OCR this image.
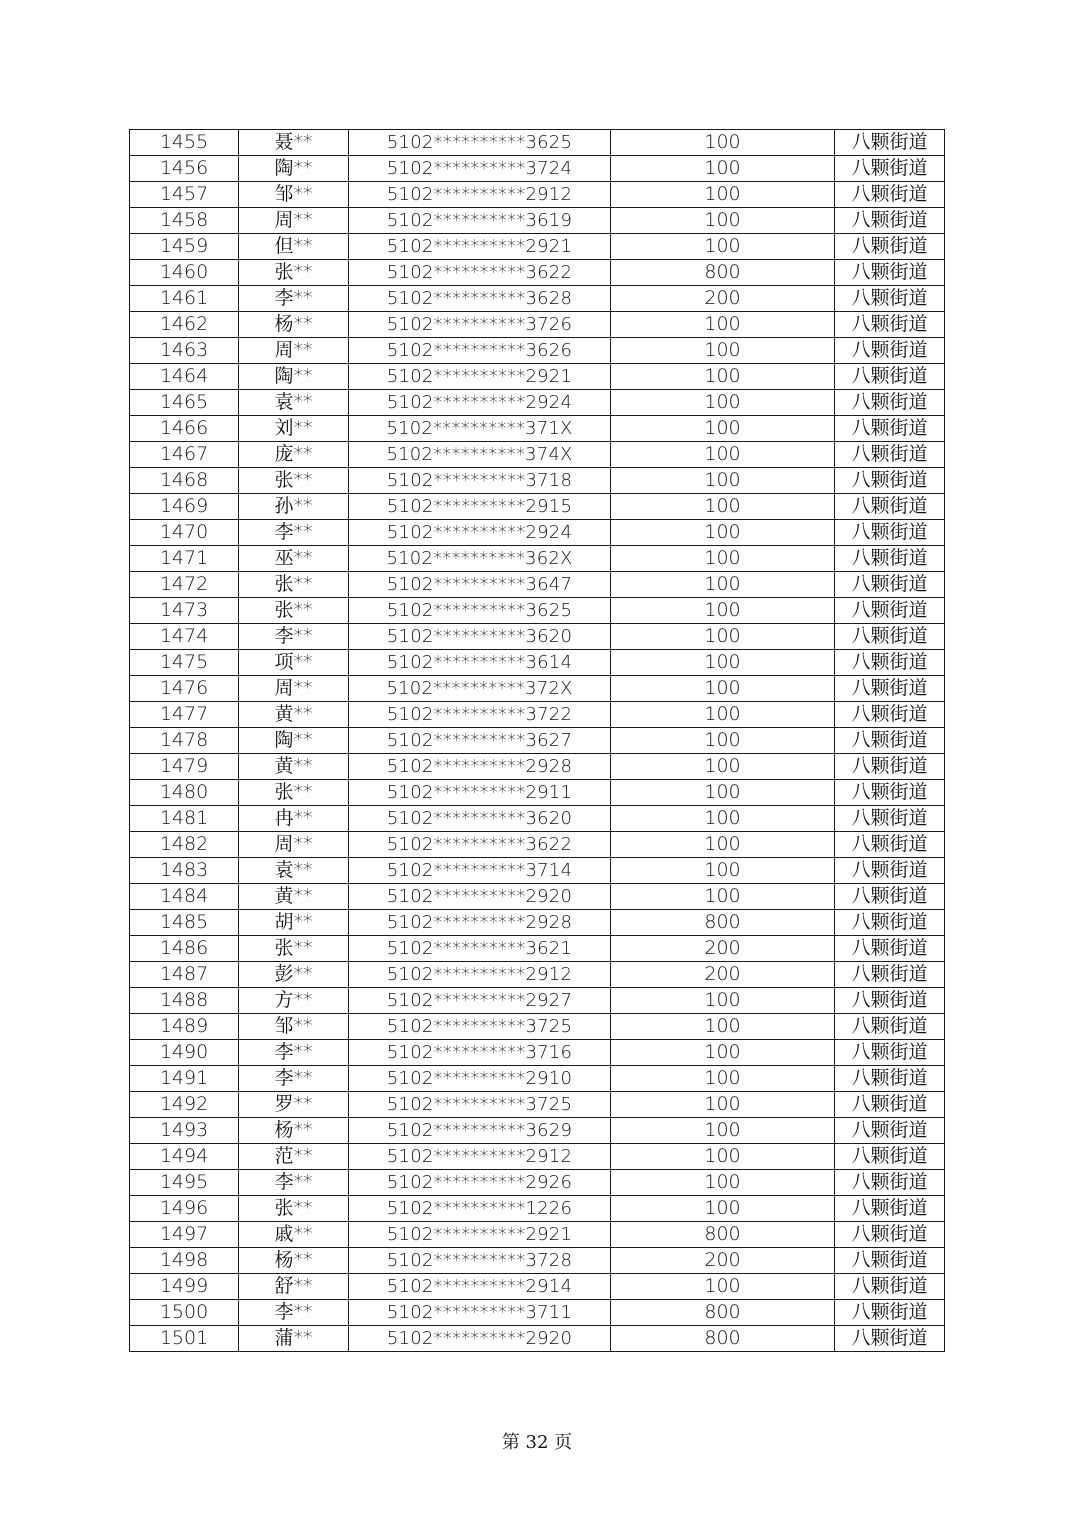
1455	聂**	5102**********3625	100	八颗街道
1456	陶**	5102**********3724	100	八颗街道
1457	邹**	5102**********2912	100	八颗街道
1458	周**	5102**********3619	100	八颗街道
1459	但**	5102**********2921	100	八颗街道
1460	张**	5102**********3622	800	八颗街道
1461	李**	5102**********3628	200	八颗街道
1462	杨**	5102**********3726	100	八颗街道
1463	周**	5102**********3626	100	八颗街道
1464	陶**	5102**********2921	100	八颗街道
1465	袁**	5102**********2924	100	八颗街道
1466	刘**	5102**********371X	100	八颗街道
1467	庞**	5102**********374X	100	八颗街道
1468	张**	5102**********3718	100	八颗街道
1469	孙**	5102**********2915	100	八颗街道
1470	李**	5102**********2924	100	八颗街道
1471	巫**	5102**********362X	100	八颗街道
1472	张**	5102**********3647	100	八颗街道
1473	张**	5102**********3625	100	八颗街道
1474	李**	5102**********3620	100	八颗街道
1475	项**	5102**********3614	100	八颗街道
1476	周**	5102**********372X	100	八颗街道
1477	黄**	5102**********3722	100	八颗街道
1478	陶**	5102**********3627	100	八颗街道
1479	黄**	5102**********2928	100	八颗街道
1480	张**	5102**********2911	100	八颗街道
1481	冉**	5102**********3620	100	八颗街道
1482	周**	5102**********3622	100	八颗街道
1483	袁**	5102**********3714	100	八颗街道
1484	黄**	5102**********2920	100	八颗街道
1485	胡**	5102**********2928	800	八颗街道
1486	张**	5102**********3621	200	八颗街道
1487	彭**	5102**********2912	200	八颗街道
1488	方**	5102**********2927	100	八颗街道
1489	邹**	5102**********3725	100	八颗街道
1490	李**	5102**********3716	100	八颗街道
1491	李**	5102**********2910	100	八颗街道
1492	罗**	5102**********3725	100	八颗街道
1493	杨**	5102**********3629	100	八颗街道
1494	范**	5102**********2912	100	八颗街道
1495	李**	5102**********2926	100	八颗街道
1496	张**	5102**********1226	100	八颗街道
1497	戚**	5102**********2921	800	八颗街道
1498	杨**	5102**********3728	200	八颗街道
1499	舒**	5102**********2914	100	八颗街道
1500	李**	5102**********3711	800	八颗街道
1501	蒲**	5102**********2920	800	八颗街道
第 32 页
